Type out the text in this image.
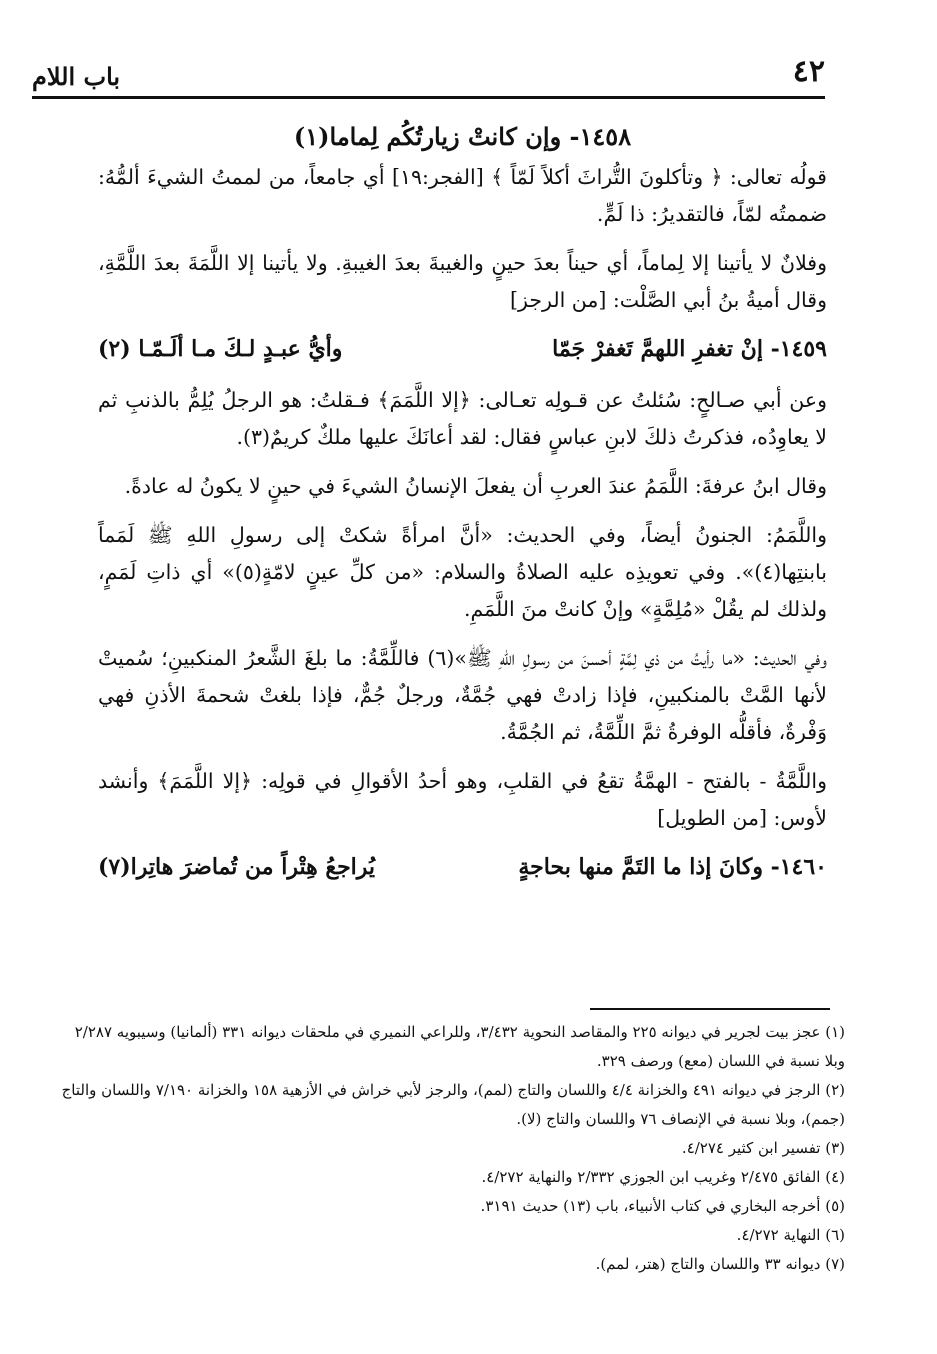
٤٢
باب اللام
١٤٥٨- وإن كانتْ زيارتُكُم لِماما(١)
قولُه تعالى: ﴿ وتأكلونَ التُّراثَ أكلاً لَمّاً ﴾ [الفجر:١٩] أي جامعاً، من لممتُ الشيءَ ألمُّهُ: ضممتُه لمّاً، فالتقديرُ: ذا لَمٍّ.
وفلانٌ لا يأتينا إلا لِماماً، أي حيناً بعدَ حينٍ والغيبةَ بعدَ الغيبةِ. ولا يأتينا إلا اللَّمَةَ بعدَ اللَّمَّةِ، وقال أميةُ بنُ أبي الصَّلْت: [من الرجز]
١٤٥٩- إنْ تغفرِ اللهمَّ تَغفرْ جَمّا
وأيُّ عبـدٍ لـكَ مـا ألَـمّـا (٢)
وعن أبي صـالحٍ: سُئلتُ عن قـولِه تعـالى: ﴿إلا اللَّمَمَ﴾ فـقلتُ: هو الرجلُ يُلِمُّ بالذنبِ ثم لا يعاوِدُه، فذكرتُ ذلكَ لابنِ عباسٍ فقال: لقد أعانَكَ عليها ملكٌ كريمٌ(٣).
وقال ابنُ عرفةَ: اللَّمَمُ عندَ العربِ أن يفعلَ الإنسانُ الشيءَ في حينٍ لا يكونُ له عادةً.
واللَّمَمُ: الجنونُ أيضاً، وفي الحديث: «أنَّ امرأةً شكتْ إلى رسولِ اللهِ ﷺ لَمَماً بابنتِها(٤)». وفي تعويذِه عليه الصلاةُ والسلام: «من كلِّ عينٍ لامّةٍ(٥)» أي ذاتِ لَمَمٍ، ولذلك لم يقُلْ «مُلِمَّةٍ» وإنْ كانتْ منَ اللَّمَمِ.
وفي الحديث: «ما رأيتُ من ذي لِمَّةٍ أحسنَ من رسولِ اللهِ ﷺ»(٦) فاللِّمَّةُ: ما بلغَ الشَّعرُ المنكبينِ؛ سُميتْ لأنها المَّتْ بالمنكبينِ، فإذا زادتْ فهي جُمَّةٌ، ورجلٌ جُمٌّ، فإذا بلغتْ شحمةَ الأذنِ فهي وَفْرةٌ، فأقلُّه الوفرةُ ثمَّ اللِّمَّةُ، ثم الجُمَّةُ.
واللَّمَّةُ - بالفتح - الهمَّةُ تقعُ في القلبِ، وهو أحدُ الأقوالِ في قولِه: ﴿إلا اللَّمَمَ﴾ وأنشد لأوس: [من الطويل]
١٤٦٠- وكانَ إذا ما التَمَّ منها بحاجةٍ
يُراجعُ هِتْراً من تُماضرَ هاتِرا(٧)
(١) عجز بيت لجرير في ديوانه ٢٢٥ والمقاصد النحوية ٣/٤٣٢، وللراعي النميري في ملحقات ديوانه ٣٣١ (ألمانيا) وسيبويه ٢/٢٨٧ وبلا نسبة في اللسان (معع) ورصف ٣٢٩.
(٢) الرجز في ديوانه ٤٩١ والخزانة ٤/٤ واللسان والتاج (لمم)، والرجز لأبي خراش في الأزهية ١٥٨ والخزانة ٧/١٩٠ واللسان والتاج (جمم)، وبلا نسبة في الإنصاف ٧٦ واللسان والتاج (لا).
(٣) تفسير ابن كثير ٤/٢٧٤.
(٤) الفائق ٢/٤٧٥ وغريب ابن الجوزي ٢/٣٣٢ والنهاية ٤/٢٧٢.
(٥) أخرجه البخاري في كتاب الأنبياء، باب (١٣) حديث ٣١٩١.
(٦) النهاية ٤/٢٧٢.
(٧) ديوانه ٣٣ واللسان والتاج (هتر، لمم).
